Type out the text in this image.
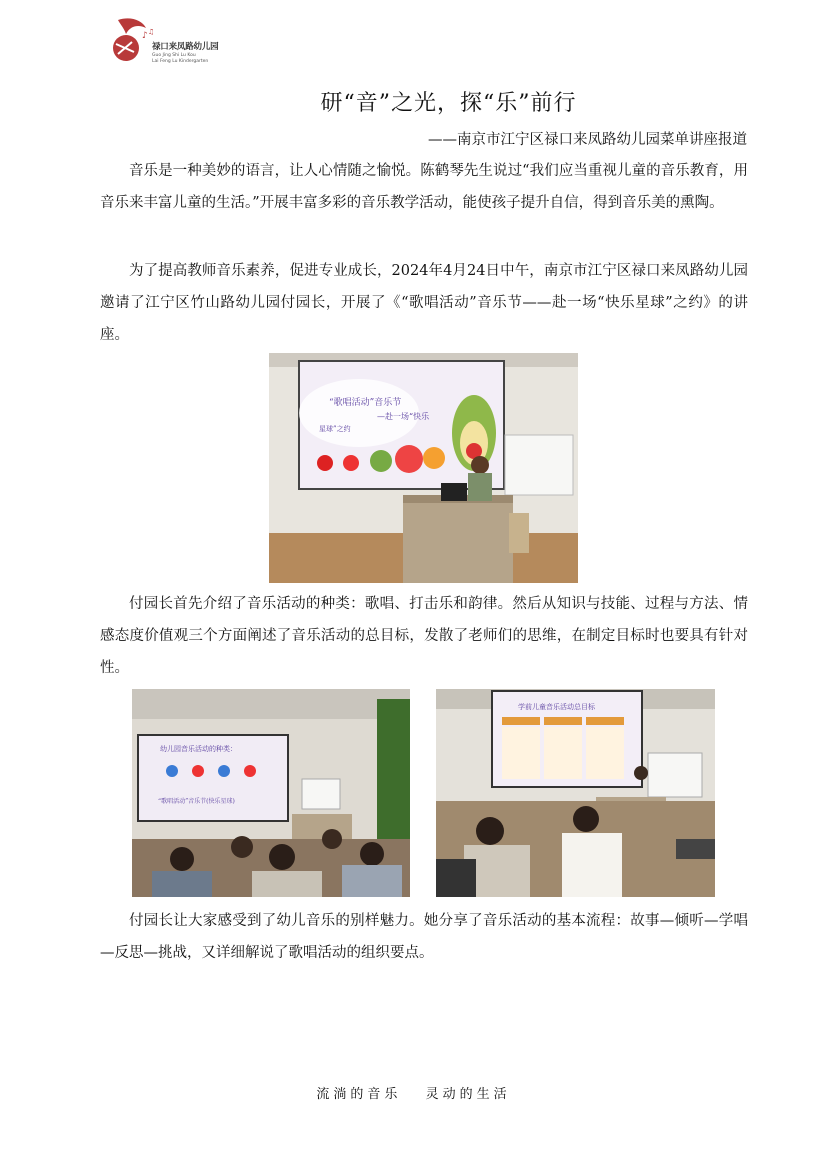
♪ ♫
禄口来凤路幼儿园
Guo Jing Shi Lu Kou
Lai Feng Lu Kindergarten
研“音”之光，探“乐”前行
——南京市江宁区禄口来凤路幼儿园菜单讲座报道
音乐是一种美妙的语言，让人心情随之愉悦。陈鹤琴先生说过“我们应当重视儿童的音乐教育，用音乐来丰富儿童的生活。”开展丰富多彩的音乐教学活动，能使孩子提升自信，得到音乐美的熏陶。
为了提高教师音乐素养，促进专业成长，2024年4月24日中午，南京市江宁区禄口来凤路幼儿园邀请了江宁区竹山路幼儿园付园长，开展了《“歌唱活动”音乐节——赴一场“快乐星球”之约》的讲座。
“歌唱活动”音乐节
—赴一场“快乐
星球”之约
付园长首先介绍了音乐活动的种类：歌唱、打击乐和韵律。然后从知识与技能、过程与方法、情感态度价值观三个方面阐述了音乐活动的总目标，发散了老师们的思维，在制定目标时也要具有针对性。
幼儿园音乐活动的种类：
“歌唱活动”音乐节(快乐星球)
学前儿童音乐活动总目标
付园长让大家感受到了幼儿音乐的别样魅力。她分享了音乐活动的基本流程：故事—倾听—学唱—反思—挑战，又详细解说了歌唱活动的组织要点。
流淌的音乐 灵动的生活
